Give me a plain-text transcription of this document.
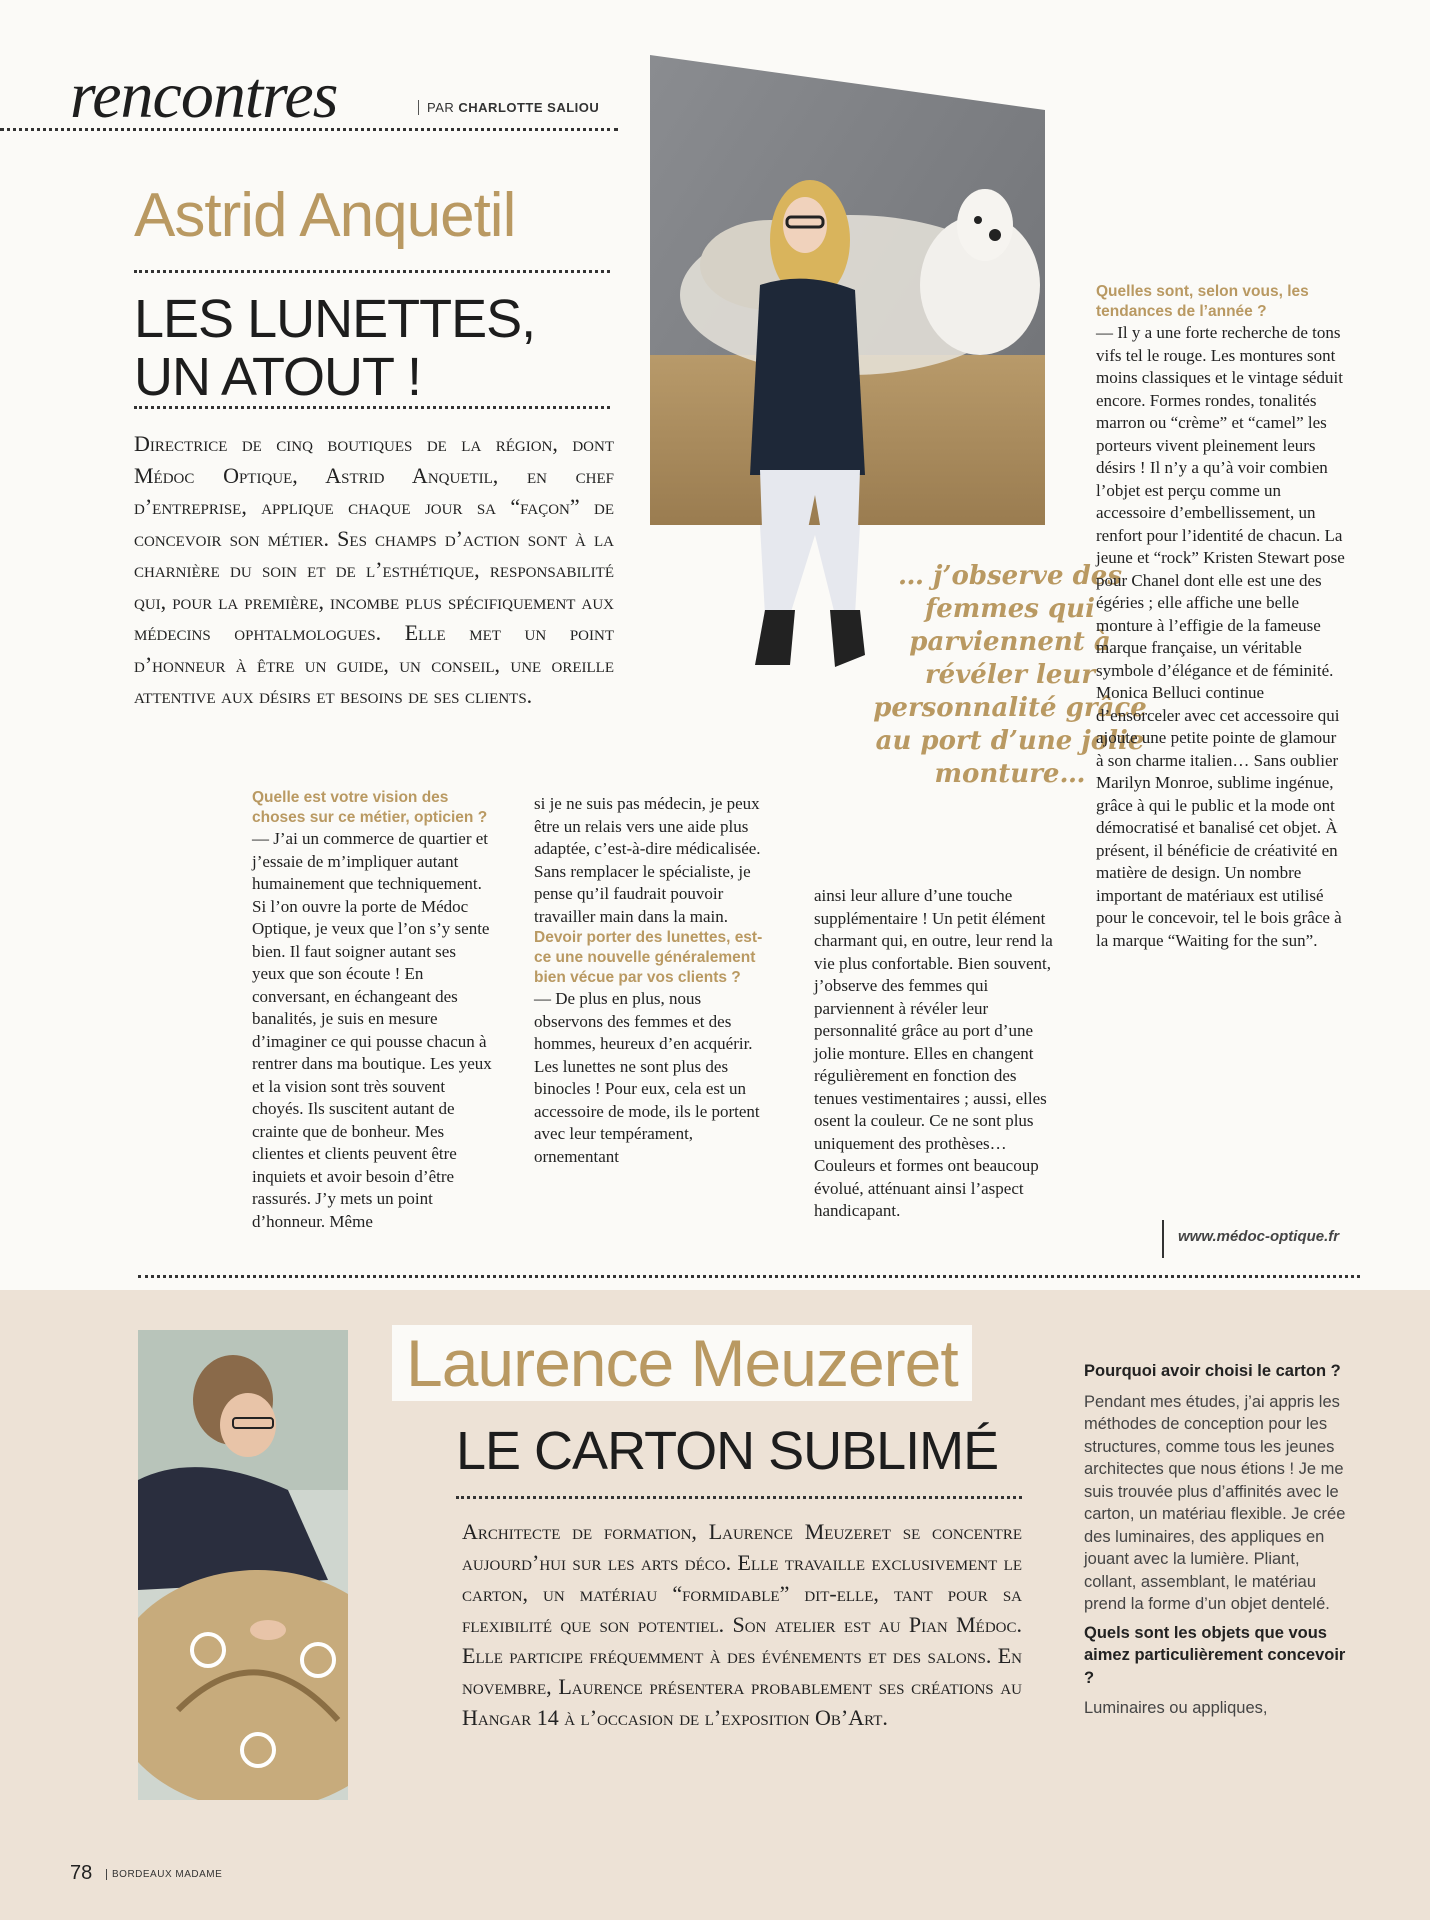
rencontres	PAR CHARLOTTE SALIOU
Astrid Anquetil
LES LUNETTES,
UN ATOUT !
Directrice de cinq boutiques de la région, dont Médoc Optique, Astrid Anquetil, en chef d’entreprise, applique chaque jour sa “façon” de concevoir son métier. Ses champs d’action sont à la charnière du soin et de l’esthétique, responsabilité qui, pour la première, incombe plus spécifiquement aux médecins ophtalmologues. Elle met un point d’honneur à être un guide, un conseil, une oreille attentive aux désirs et besoins de ses clients.

Quelle est votre vision des choses sur ce métier, opticien ?

— J’ai un commerce de quartier et j’essaie de m’impliquer autant humainement que techniquement. Si l’on ouvre la porte de Médoc Optique, je veux que l’on s’y sente bien. Il faut soigner autant ses yeux que son écoute ! En conversant, en échangeant des banalités, je suis en mesure d’imaginer ce qui pousse chacun à rentrer dans ma boutique. Les yeux et la vision sont très souvent choyés. Ils suscitent autant de crainte que de bonheur. Mes clientes et clients peuvent être inquiets et avoir besoin d’être rassurés. J’y mets un point d’honneur. Même

si je ne suis pas médecin, je peux être un relais vers une aide plus adaptée, c’est-à-dire médicalisée. Sans remplacer le spécialiste, je pense qu’il faudrait pouvoir travailler main dans la main.

Devoir porter des lunettes, est-ce une nouvelle généralement bien vécue par vos clients ?

— De plus en plus, nous observons des femmes et des hommes, heureux d’en acquérir. Les lunettes ne sont plus des binocles ! Pour eux, cela est un accessoire de mode, ils le portent avec leur tempérament, ornementant

ainsi leur allure d’une touche supplémentaire ! Un petit élément charmant qui, en outre, leur rend la vie plus confortable. Bien souvent, j’observe des femmes qui parviennent à révéler leur personnalité grâce au port d’une jolie monture. Elles en changent régulièrement en fonction des tenues vestimentaires ; aussi, elles osent la couleur. Ce ne sont plus uniquement des prothèses… Couleurs et formes ont beaucoup évolué, atténuant ainsi l’aspect handicapant.

… j’observe des femmes qui parviennent à révéler leur personnalité grâce au port d’une jolie monture…

Quelles sont, selon vous, les tendances de l’année ?

— Il y a une forte recherche de tons vifs tel le rouge. Les montures sont moins classiques et le vintage séduit encore. Formes rondes, tonalités marron ou “crème” et “camel” les porteurs vivent pleinement leurs désirs ! Il n’y a qu’à voir combien l’objet est perçu comme un accessoire d’embellissement, un renfort pour l’identité de chacun. La jeune et “rock” Kristen Stewart pose pour Chanel dont elle est une des égéries ; elle affiche une belle monture à l’effigie de la fameuse marque française, un véritable symbole d’élégance et de féminité. Monica Belluci continue d’ensorceler avec cet accessoire qui ajoute une petite pointe de glamour à son charme italien… Sans oublier Marilyn Monroe, sublime ingénue, grâce à qui le public et la mode ont démocratisé et banalisé cet objet. À présent, il bénéficie de créativité en matière de design. Un nombre important de matériaux est utilisé pour le concevoir, tel le bois grâce à la marque “Waiting for the sun”.

www.médoc-optique.fr
Laurence Meuzeret
LE CARTON SUBLIMÉ
Architecte de formation, Laurence Meuzeret se concentre aujourd’hui sur les arts déco. Elle travaille exclusivement le carton, un matériau “formidable” dit-elle, tant pour sa flexibilité que son potentiel. Son atelier est au Pian Médoc. Elle participe fréquemment à des événements et des salons. En novembre, Laurence présentera probablement ses créations au Hangar 14 à l’occasion de l’exposition Ob’Art.

Pourquoi avoir choisi le carton ?

Pendant mes études, j’ai appris les méthodes de conception pour les structures, comme tous les jeunes architectes que nous étions ! Je me suis trouvée plus d’affinités avec le carton, un matériau flexible. Je crée des luminaires, des appliques en jouant avec la lumière. Pliant, collant, assemblant, le matériau prend la forme d’un objet dentelé.

Quels sont les objets que vous aimez particulièrement concevoir ?

Luminaires ou appliques,

78	BORDEAUX MADAME
